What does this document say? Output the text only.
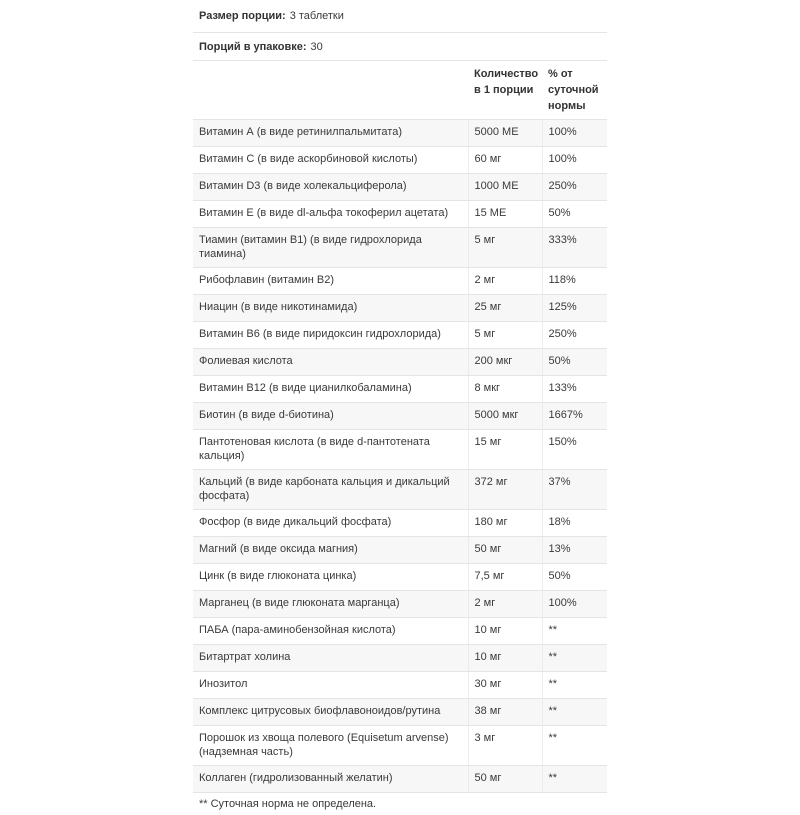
Размер порции: 3 таблетки
Порций в упаковке: 30
	Количество в 1 порции	% от суточной нормы
Витамин А (в виде ретинилпальмитата)	5000 МЕ	100%
Витамин С (в виде аскорбиновой кислоты)	60 мг	100%
Витамин D3 (в виде холекальциферола)	1000 МЕ	250%
Витамин Е (в виде dl-альфа токоферил ацетата)	15 МЕ	50%
Тиамин (витамин В1) (в виде гидрохлорида тиамина)	5 мг	333%
Рибофлавин (витамин В2)	2 мг	118%
Ниацин (в виде никотинамида)	25 мг	125%
Витамин В6 (в виде пиридоксин гидрохлорида)	5 мг	250%
Фолиевая кислота	200 мкг	50%
Витамин В12 (в виде цианилкобаламина)	8 мкг	133%
Биотин (в виде d-биотина)	5000 мкг	1667%
Пантотеновая кислота (в виде d-пантотената кальция)	15 мг	150%
Кальций (в виде карбоната кальция и дикальций фосфата)	372 мг	37%
Фосфор (в виде дикальций фосфата)	180 мг	18%
Магний (в виде оксида магния)	50 мг	13%
Цинк (в виде глюконата цинка)	7,5 мг	50%
Марганец (в виде глюконата марганца)	2 мг	100%
ПАБА (пара-аминобензойная кислота)	10 мг	**
Битартрат холина	10 мг	**
Инозитол	30 мг	**
Комплекс цитрусовых биофлавоноидов/рутина	38 мг	**
Порошок из хвоща полевого (Equisetum arvense) (надземная часть)	3 мг	**
Коллаген (гидролизованный желатин)	50 мг	**
** Суточная норма не определена.
